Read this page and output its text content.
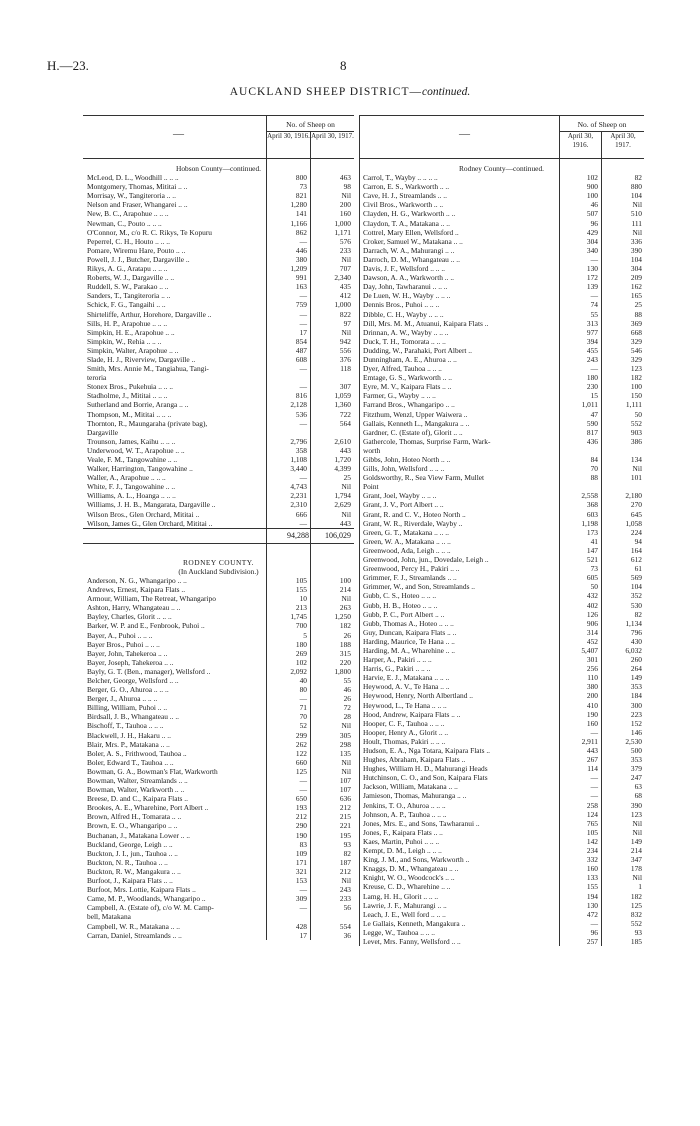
H.—23.	8
AUCKLAND SHEEP DISTRICT—continued.
—
No. of Sheep on
April 30, 1916. April 30, 1917.
Hobson County—continued.
McLeod, D. L., Woodhill .. .. ..	800	463
Montgomery, Thomas, Mititai .. ..	73	98
Morrisay, W., Tangiteroria .. ..	821	Nil
Nelson and Fraser, Whangarei .. ..	1,280	200
New, B. C., Arapohue .. .. ..	141	160
Newman, C., Pouto .. .. ..	1,166	1,000
O'Connor, M., c/o R. C. Rikys, Te Kopuru	862	1,171
Peperrel, C. H., Houto .. .. ..	—	576
Pomare, Wiremu Hare, Pouto .. ..	446	233
Powell, J. J., Butcher, Dargaville ..	380	Nil
Rikys, A. G., Aratapu .. .. ..	1,209	707
Roberts, W. J., Dargaville .. ..	991	2,340
Ruddell, S. W., Parakao .. ..	163	435
Sanders, T., Tangiteroria .. ..	—	412
Schick, F. G., Tangaihi .. ..	759	1,000
Shirteliffe, Arthur, Horehore, Dargaville ..	—	822
Sills, H. P., Arapohue .. .. ..	—	97
Simpkin, H. E., Arapohue .. ..	17	Nil
Simpkin, W., Rehia .. .. ..	854	942
Simpkin, Walter, Arapohue .. ..	487	556
Slade, H. J., Riverview, Dargaville ..	608	376
Smith, Mrs. Annie M., Tangiahua, Tangi-	—	118
teroria
Stonex Bros., Pukehuia .. .. ..	—	307
Stadholme, J., Mititai .. .. ..	816	1,059
Sutherland and Borrie, Aranga .. ..	2,128	1,360
Thompson, M., Mititai .. .. ..	536	722
Thornton, R., Maungaraha (private bag),	—	564
Dargaville
Trounson, James, Kaihu .. .. ..	2,796	2,610
Underwood, W. T., Arapohue .. ..	358	443
Veale, F. M., Tangowahine .. ..	1,108	1,720
Walker, Harrington, Tangowahine ..	3,440	4,399
Waller, A., Arapohue .. .. ..	—	25
White, F. J., Tangowahine .. ..	4,743	Nil
Williams, A. L., Hoanga .. .. ..	2,231	1,794
Williams, J. H. B., Mangarata, Dargaville ..	2,310	2,629
Wilson Bros., Glen Orchard, Mititai ..	666	Nil
Wilson, James G., Glen Orchard, Mititai ..	—	443
94,288	106,029
RODNEY COUNTY.
(In Auckland Subdivision.)
Anderson, N. G., Whangaripo .. ..	105	100
Andrews, Ernest, Kaipara Flats ..	155	214
Armour, William, The Retreat, Whangaripo	10	Nil
Ashton, Harry, Whangateau .. ..	213	263
Bayley, Charles, Glorit .. .. ..	1,745	1,250
Barker, W. P. and E., Fenbrook, Puhoi ..	700	182
Bayer, A., Puhoi .. .. ..	5	26
Bayer Bros., Puhoi .. .. ..	180	188
Bayer, John, Tahekeroa .. ..	269	315
Bayer, Joseph, Tahekeroa .. ..	102	220
Bayly, G. T. (Ben., manager), Wellsford ..	2,092	1,800
Belcher, George, Wellsford .. ..	40	55
Berger, G. O., Ahuroa .. .. ..	80	46
Berger, J., Ahuroa .. .. ..	—	26
Billing, William, Puhoi .. ..	71	72
Birdsall, J. B., Whangateau .. ..	70	28
Bischoff, T., Tauhoa .. .. ..	52	Nil
Blackwell, J. H., Hakaru .. ..	299	305
Blair, Mrs. P., Matakana .. ..	262	298
Boler, A. S., Frithwood, Tauhoa ..	122	135
Boler, Edward T., Tauhoa .. ..	660	Nil
Bowman, G. A., Bowman's Flat, Warkworth	125	Nil
Bowman, Walter, Streamlands .. ..	—	107
Bowman, Walter, Warkworth .. ..	—	107
Breese, D. and C., Kaipara Flats ..	650	636
Brookes, A. E., Wharehine, Port Albert ..	193	212
Brown, Alfred H., Tomarata .. ..	212	215
Brown, E. O., Whangaripo .. ..	290	221
Buchanan, J., Matakana Lower .. ..	190	195
Buckland, George, Leigh .. ..	83	93
Buckton, J. I., jun., Tauhoa .. ..	109	82
Buckton, N. R., Tauhoa .. ..	171	187
Buckton, R. W., Mangakura .. ..	321	212
Burfoot, J., Kaipara Flats .. ..	153	Nil
Burfoot, Mrs. Lottie, Kaipara Flats ..	—	243
Came, M. P., Woodlands, Whangaripo ..	309	233
Campbell, A. (Estate of), c/o W. M. Camp-	—	56
bell, Matakana
Campbell, W. R., Matakana .. ..	428	554
Carran, Daniel, Streamlands .. ..	17	36
—
No. of Sheep on
April 30, 1916.
April 30, 1917.
Rodney County—continued.
Carrol, T., Wayby .. .. .. ..	102	82
Carron, E. S., Warkworth .. ..	900	880
Cave, H. J., Streamlands .. ..	100	104
Civil Bros., Warkworth .. ..	46	Nil
Clayden, H. G., Warkworth .. ..	507	510
Claydon, T. A., Matakana .. ..	96	111
Cottrel, Mary Ellen, Wellsford ..	429	Nil
Croker, Samuel W., Matakana .. ..	304	336
Darrach, W. A., Mahurangi .. ..	340	390
Darroch, D. M., Whangateau .. ..	—	104
Davis, J. F., Wellsford .. .. ..	130	304
Dawson, A. A., Warkworth .. ..	172	209
Day, John, Tawharanui .. .. ..	139	162
De Luen, W. H., Wayby .. .. ..	—	165
Dennis Bros., Puhoi .. .. ..	74	25
Dibble, C. H., Wayby .. .. ..	55	88
Dill, Mrs. M. M., Atuanui, Kaipara Flats ..	313	369
Drinnan, A. W., Wayby .. .. ..	977	668
Duck, T. H., Tomorata .. .. ..	394	329
Dudding, W., Parahaki, Port Albert ..	455	546
Dunningham, A. E., Ahuroa .. ..	243	329
Dyer, Alfred, Tauhoa .. .. ..	—	123
Emtage, G. S., Warkworth .. ..	180	182
Eyre, M. V., Kaipara Flats .. ..	230	100
Farmer, G., Wayby .. .. ..	15	150
Farrand Bros., Whangaripo .. ..	1,011	1,111
Fitzthum, Wenzl, Upper Waiwera ..	47	50
Gallais, Kenneth L., Mangakura .. ..	590	552
Gardner, C. (Estate of), Glorit .. ..	817	903
Gathercole, Thomas, Surprise Farm, Wark-	436	386
worth
Gibbs, John, Hoteo North .. ..	84	134
Gills, John, Wellsford .. .. ..	70	Nil
Goldsworthy, R., Sea View Farm, Mullet	88	101
Point
Grant, Joel, Wayby .. .. ..	2,558	2,180
Grant, J. V., Port Albert .. ..	368	270
Grant, R. and C. V., Hoteo North ..	603	645
Grant, W. R., Riverdale, Wayby ..	1,198	1,058
Green, G. T., Matakana .. .. ..	173	224
Green, W. A., Matakana .. .. ..	41	94
Greenwood, Ada, Leigh .. .. ..	147	164
Greenwood, John, jun., Dovedale, Leigh ..	521	612
Greenwood, Percy H., Pakiri .. ..	73	61
Grimmer, F. J., Streamlands .. ..	605	569
Grimmer, W., and Son, Streamlands ..	50	104
Gubb, C. S., Hoteo .. .. ..	432	352
Gubb, H. B., Hoteo .. .. ..	402	530
Gubb, P. C., Port Albert .. ..	126	82
Gubb, Thomas A., Hoteo .. .. ..	906	1,134
Guy, Duncan, Kaipara Flats .. ..	314	796
Harding, Maurice, Te Hana .. ..	452	430
Harding, M. A., Wharehine .. ..	5,407	6,032
Harper, A., Pakiri .. .. ..	301	260
Harris, G., Pakiri .. .. ..	256	264
Harvie, E. J., Matakana .. .. ..	110	149
Heywood, A. V., Te Hana .. ..	380	353
Heywood, Henry, North Albertland ..	200	184
Heywood, L., Te Hana .. .. ..	410	300
Hood, Andrew, Kaipara Flats .. ..	190	223
Hooper, C. F., Tauhoa .. .. ..	160	152
Hooper, Henry A., Glorit .. ..	—	146
Hoult, Thomas, Pakiri .. .. ..	2,911	2,530
Hudson, E. A., Nga Totara, Kaipara Flats ..	443	500
Hughes, Abraham, Kaipara Flats ..	267	353
Hughes, William H. D., Mahurangi Heads	114	379
Hutchinson, C. O., and Son, Kaipara Flats	—	247
Jackson, William, Matakana .. ..	—	63
Jamieson, Thomas, Mahuranga .. ..	—	68
Jenkins, T. O., Ahuroa .. .. ..	258	390
Johnson, A. P., Tauhoa .. .. ..	124	123
Jones, Mrs. E., and Sons, Tawharanui ..	765	Nil
Jones, F., Kaipara Flats .. ..	105	Nil
Kaes, Martin, Puhoi .. .. ..	142	149
Kempt, D. M., Leigh .. .. ..	234	214
King, J. M., and Sons, Warkworth ..	332	347
Knaggs, D. M., Whangateau .. ..	160	178
Knight, W. O., Woodcock's .. ..	133	Nil
Kreuse, C. D., Wharehine .. ..	155	1
Lamg, H. H., Glorit .. .. ..	194	182
Lawrie, J. F., Mahurangi .. ..	130	125
Leach, J. E., Well ford .. .. ..	472	832
Le Gallais, Kenneth, Mangakura ..	—	552
Legge, W., Tauhoa .. .. ..	96	93
Levet, Mrs. Fanny, Wellsford .. ..	257	185
